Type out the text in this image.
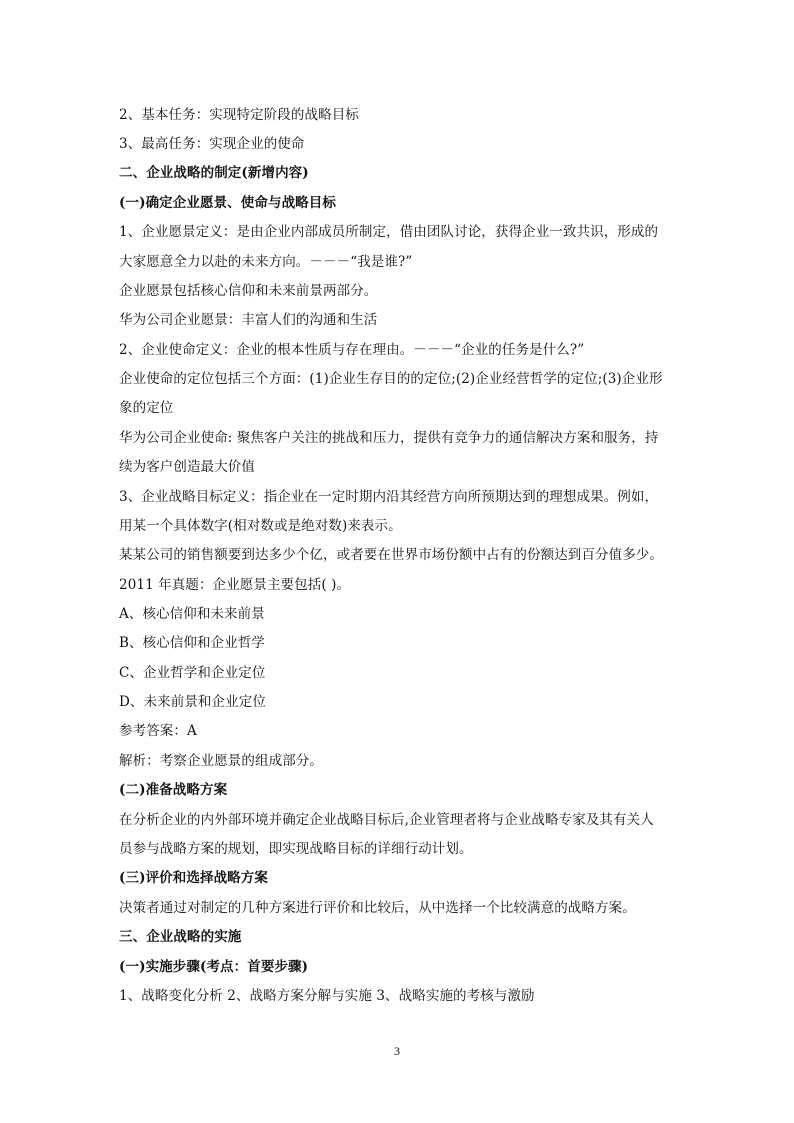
2、基本任务：实现特定阶段的战略目标
3、最高任务：实现企业的使命
二、企业战略的制定(新增内容)
(一)确定企业愿景、使命与战略目标
1、企业愿景定义：是由企业内部成员所制定，借由团队讨论，获得企业一致共识，形成的
大家愿意全力以赴的未来方向。－－－“我是谁?”
企业愿景包括核心信仰和未来前景两部分。
华为公司企业愿景：丰富人们的沟通和生活
2、企业使命定义：企业的根本性质与存在理由。－－－“企业的任务是什么?”
企业使命的定位包括三个方面：(1)企业生存目的的定位;(2)企业经营哲学的定位;(3)企业形
象的定位
华为公司企业使命: 聚焦客户关注的挑战和压力，提供有竞争力的通信解决方案和服务，持
续为客户创造最大价值
3、企业战略目标定义：指企业在一定时期内沿其经营方向所预期达到的理想成果。例如，
用某一个具体数字(相对数或是绝对数)来表示。
某某公司的销售额要到达多少个亿，或者要在世界市场份额中占有的份额达到百分值多少。
2011 年真题：企业愿景主要包括( )。
A、核心信仰和未来前景
B、核心信仰和企业哲学
C、企业哲学和企业定位
D、未来前景和企业定位
参考答案：A
解析：考察企业愿景的组成部分。
(二)准备战略方案
在分析企业的内外部环境并确定企业战略目标后,企业管理者将与企业战略专家及其有关人
员参与战略方案的规划，即实现战略目标的详细行动计划。
(三)评价和选择战略方案
决策者通过对制定的几种方案进行评价和比较后，从中选择一个比较满意的战略方案。
三、企业战略的实施
(一)实施步骤(考点：首要步骤)
1、战略变化分析 2、战略方案分解与实施 3、战略实施的考核与激励
3
